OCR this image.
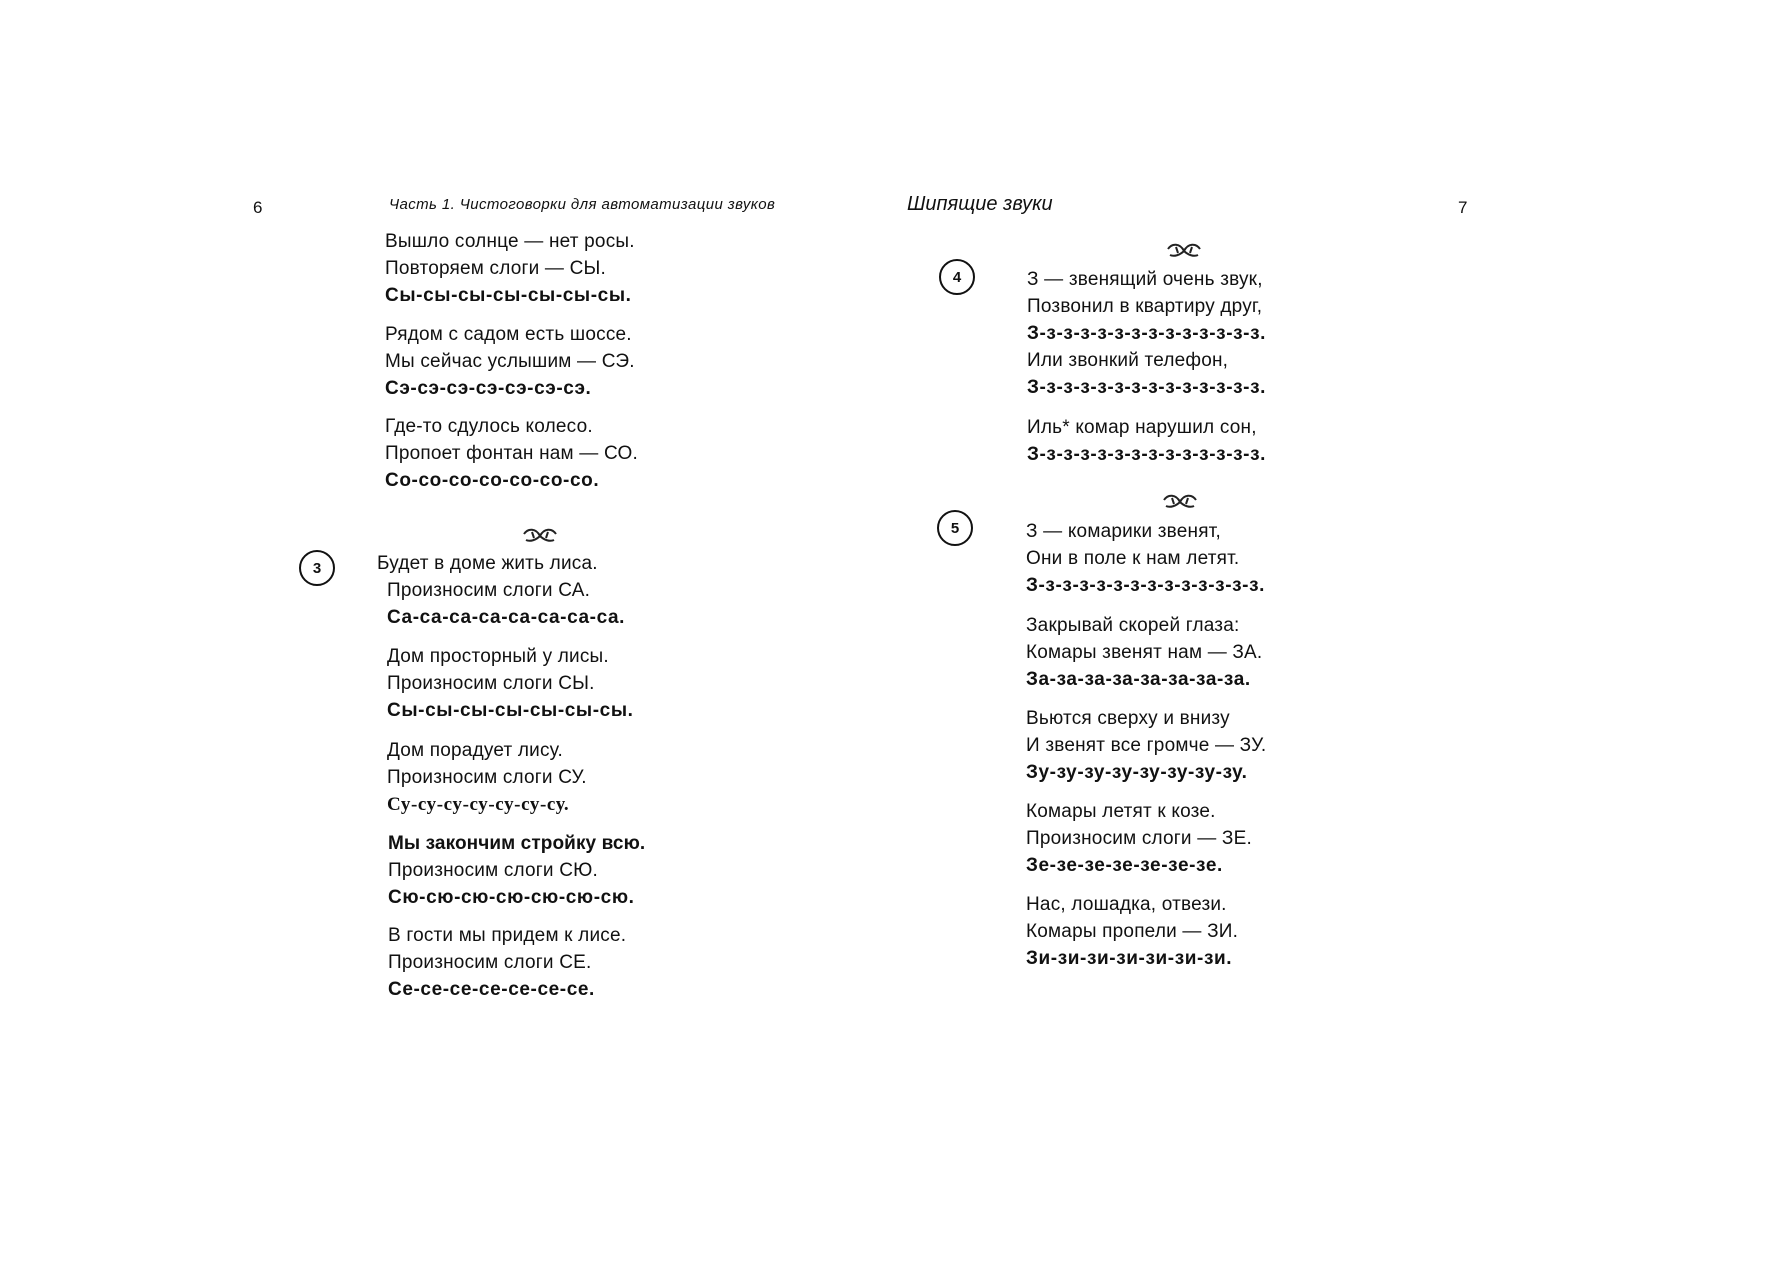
6	Часть 1. Чистоговорки для автоматизации звуков
Вышло солнце — нет росы.
Повторяем слоги — СЫ.
Сы-сы-сы-сы-сы-сы-сы.
Рядом с садом есть шоссе.
Мы сейчас услышим — СЭ.
Сэ-сэ-сэ-сэ-сэ-сэ-сэ.
Где-то сдулось колесо.
Пропоет фонтан нам — СО.
Со-со-со-со-со-со-со.
3	Будет в доме жить лиса.
Произносим слоги СА.
Са-са-са-са-са-са-са-са.
Дом просторный у лисы.
Произносим слоги СЫ.
Сы-сы-сы-сы-сы-сы-сы.
Дом порадует лису.
Произносим слоги СУ.
Су-су-су-су-су-су-су.
Мы закончим стройку всю.
Произносим слоги СЮ.
Сю-сю-сю-сю-сю-сю-сю.
В гости мы придем к лисе.
Произносим слоги СЕ.
Се-се-се-се-се-се-се.
Шипящие звуки	7
4	З — звенящий очень звук,
Позвонил в квартиру друг,
З-з-з-з-з-з-з-з-з-з-з-з-з-з.
Или звонкий телефон,
З-з-з-з-з-з-з-з-з-з-з-з-з-з.
Иль* комар нарушил сон,
З-з-з-з-з-з-з-з-з-з-з-з-з-з.
5	З — комарики звенят,
Они в поле к нам летят.
З-з-з-з-з-з-з-з-з-з-з-з-з-з.
Закрывай скорей глаза:
Комары звенят нам — ЗА.
За-за-за-за-за-за-за-за.
Вьются сверху и внизу
И звенят все громче — ЗУ.
Зу-зу-зу-зу-зу-зу-зу-зу.
Комары летят к козе.
Произносим слоги — ЗЕ.
Зе-зе-зе-зе-зе-зе-зе.
Нас, лошадка, отвези.
Комары пропели — ЗИ.
Зи-зи-зи-зи-зи-зи-зи.
